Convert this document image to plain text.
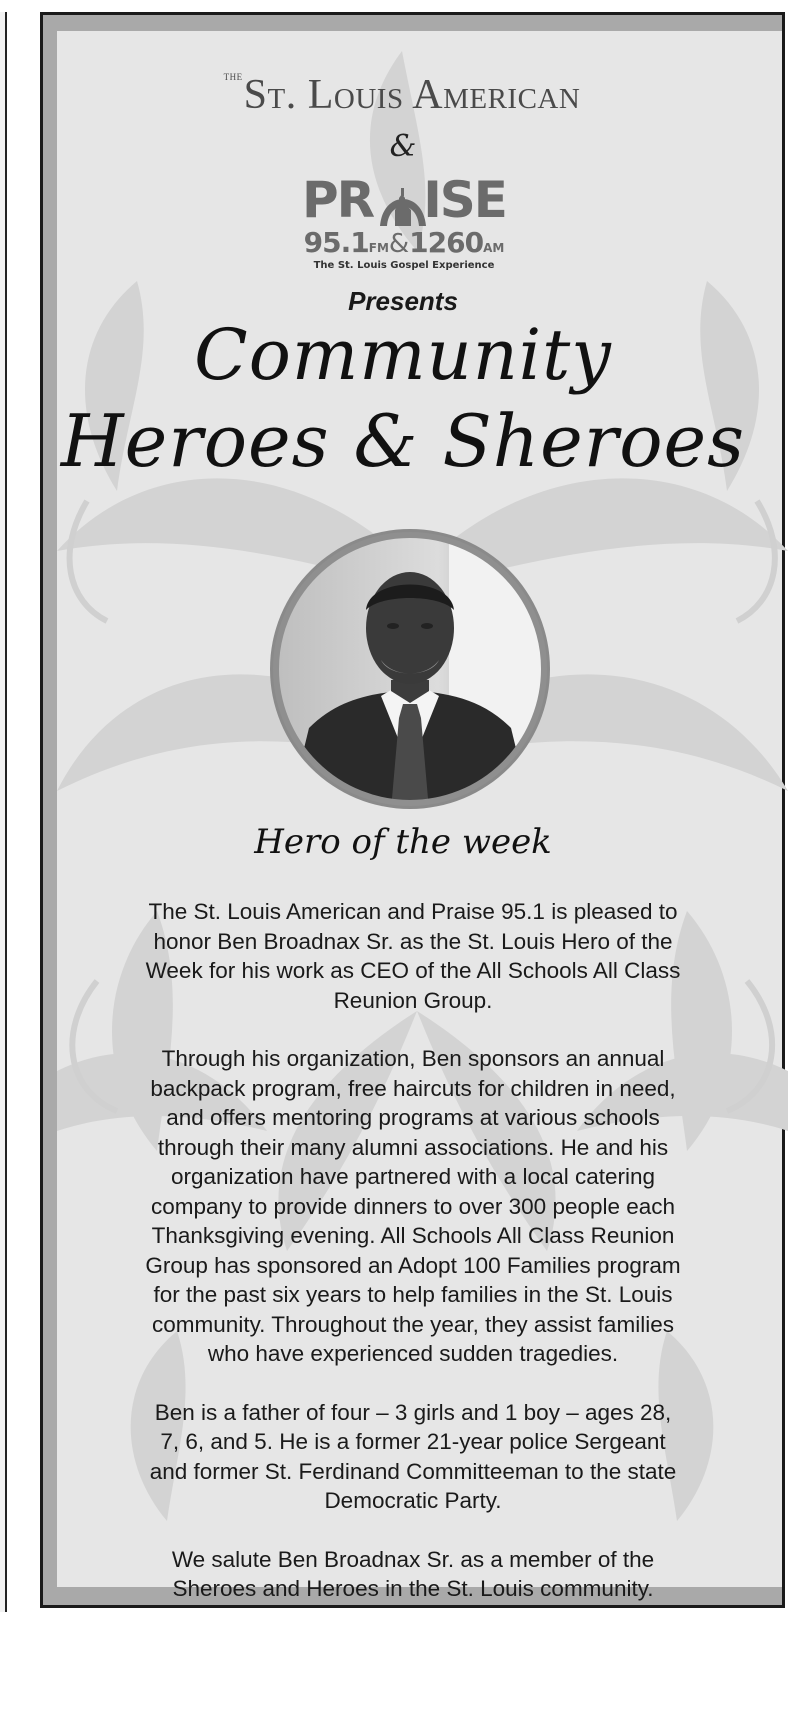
$^{THE}$ St. Louis American
&
PR ISE
95.1FM&1260AM
The St. Louis Gospel Experience
Presents
Community
Heroes & Sheroes
Hero of the week

The St. Louis American and Praise 95.1 is pleased to honor Ben Broadnax Sr. as the St. Louis Hero of the Week for his work as CEO of the All Schools All Class Reunion Group.

Through his organization, Ben sponsors an annual backpack program, free haircuts for children in need, and offers mentoring programs at various schools through their many alumni associations. He and his organization have partnered with a local catering company to provide dinners to over 300 people each Thanksgiving evening. All Schools All Class Reunion Group has sponsored an Adopt 100 Families program for the past six years to help families in the St. Louis community. Throughout the year, they assist families who have experienced sudden tragedies.

Ben is a father of four – 3 girls and 1 boy – ages 28, 7, 6, and 5. He is a former 21-year police Sergeant and former St. Ferdinand Committeeman to the state Democratic Party.

We salute Ben Broadnax Sr. as a member of the Sheroes and Heroes in the St. Louis community.
